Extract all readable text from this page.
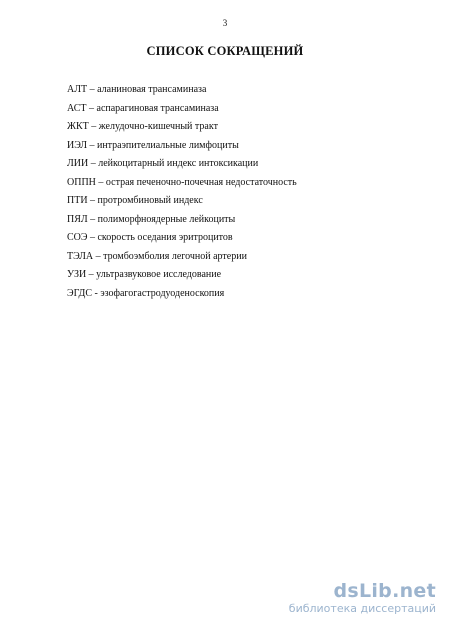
3
СПИСОК СОКРАЩЕНИЙ
АЛТ – аланиновая трансаминаза
АСТ – аспарагиновая трансаминаза
ЖКТ – желудочно-кишечный тракт
ИЭЛ – интраэпителиальные лимфоциты
ЛИИ – лейкоцитарный индекс интоксикации
ОППН – острая печеночно-почечная недостаточность
ПТИ – протромбиновый индекс
ПЯЛ – полиморфноядерные лейкоциты
СОЭ – скорость оседания эритроцитов
ТЭЛА – тромбоэмболия легочной артерии
УЗИ – ультразвуковое исследование
ЭГДС - эзофагогастродуоденоскопия
dsLib.net
библиотека диссертаций
